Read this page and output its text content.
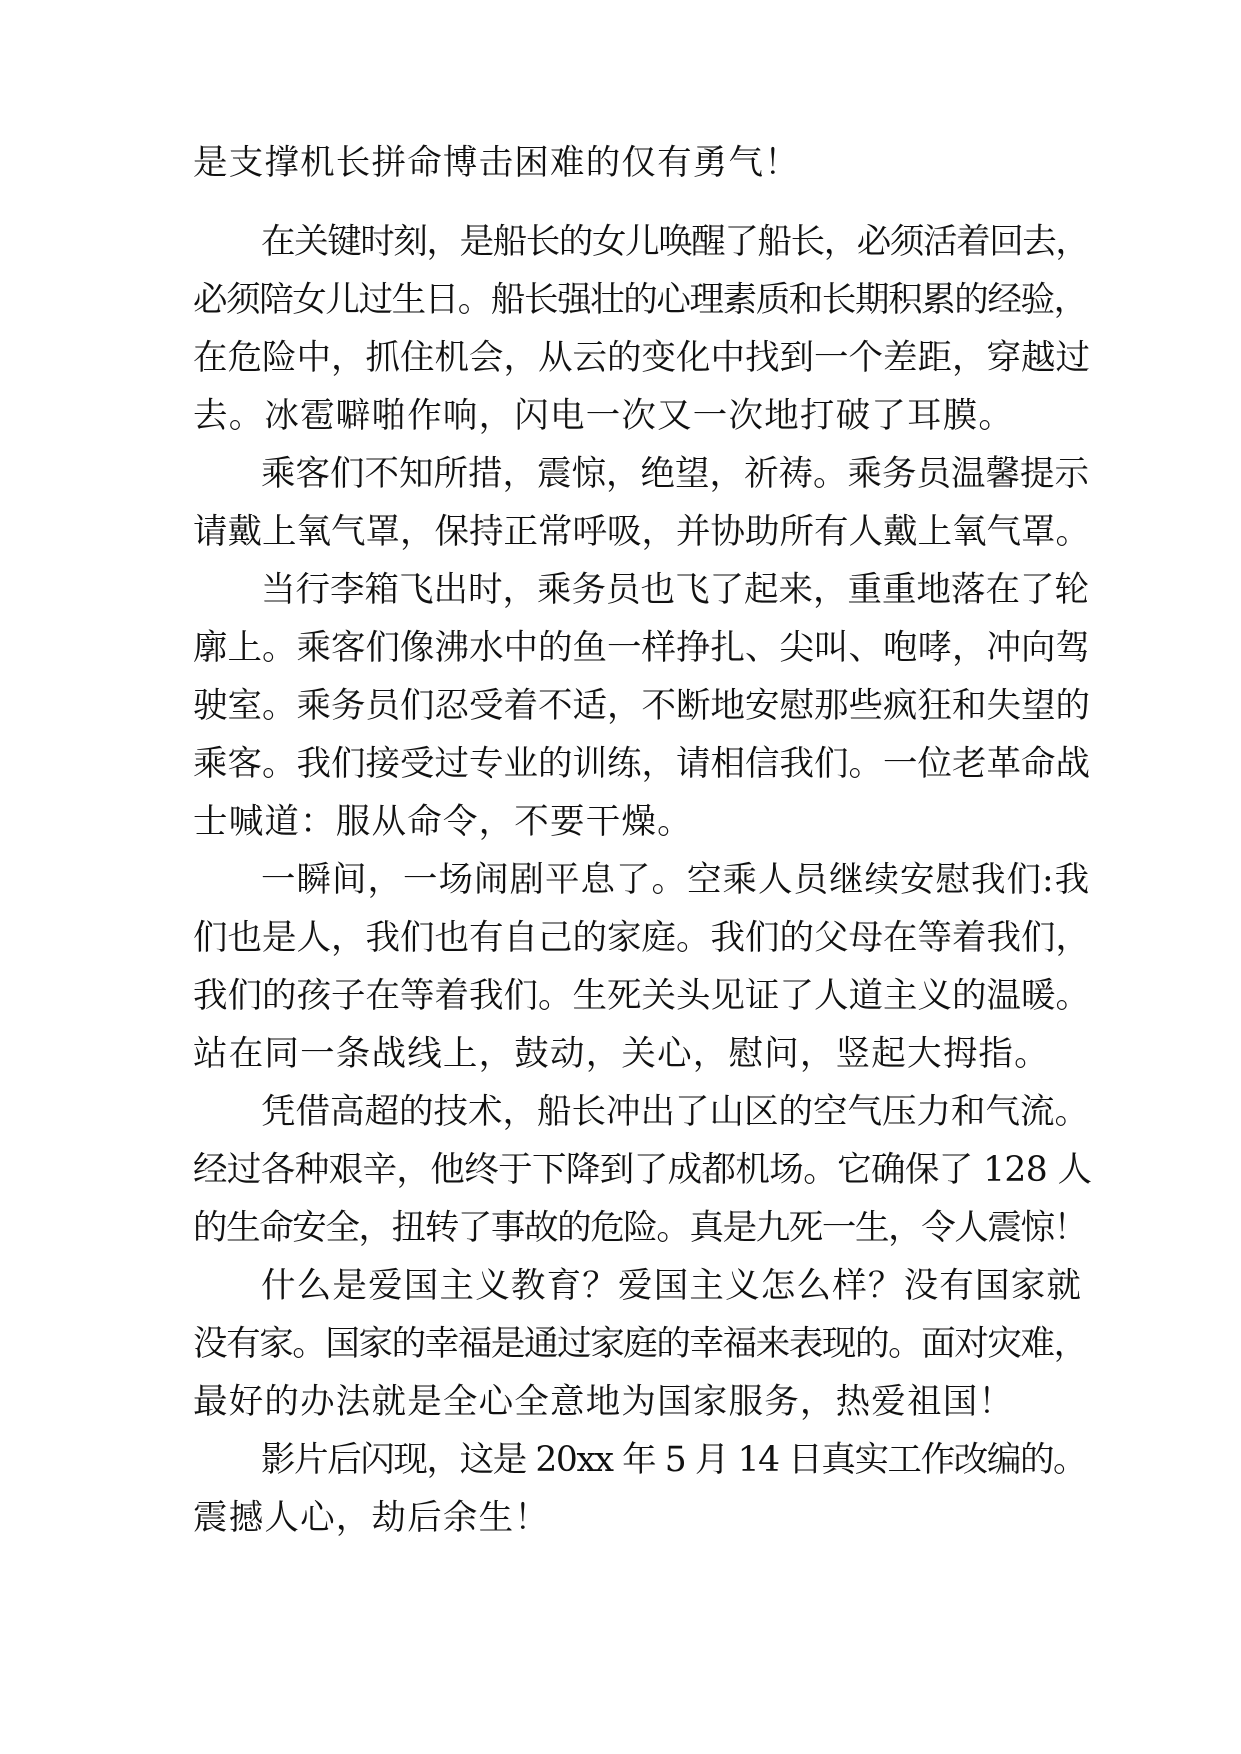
是支撑机长拼命博击困难的仅有勇气！
在关键时刻，是船长的女儿唤醒了船长，必须活着回去，
必须陪女儿过生日。船长强壮的心理素质和长期积累的经验，
在危险中，抓住机会，从云的变化中找到一个差距，穿越过
去。冰雹噼啪作响，闪电一次又一次地打破了耳膜。
乘客们不知所措，震惊，绝望，祈祷。乘务员温馨提示
请戴上氧气罩，保持正常呼吸，并协助所有人戴上氧气罩。
当行李箱飞出时，乘务员也飞了起来，重重地落在了轮
廓上。乘客们像沸水中的鱼一样挣扎、尖叫、咆哮，冲向驾
驶室。乘务员们忍受着不适，不断地安慰那些疯狂和失望的
乘客。我们接受过专业的训练，请相信我们。一位老革命战
士喊道：服从命令，不要干燥。
一瞬间，一场闹剧平息了。空乘人员继续安慰我们:我
们也是人，我们也有自己的家庭。我们的父母在等着我们，
我们的孩子在等着我们。生死关头见证了人道主义的温暖。
站在同一条战线上，鼓动，关心，慰问，竖起大拇指。
凭借高超的技术，船长冲出了山区的空气压力和气流。
经过各种艰辛，他终于下降到了成都机场。它确保了 128 人
的生命安全，扭转了事故的危险。真是九死一生，令人震惊！
什么是爱国主义教育？爱国主义怎么样？没有国家就
没有家。国家的幸福是通过家庭的幸福来表现的。面对灾难，
最好的办法就是全心全意地为国家服务，热爱祖国！
影片后闪现，这是 20xx 年 5 月 14 日真实工作改编的。
震撼人心，劫后余生！
